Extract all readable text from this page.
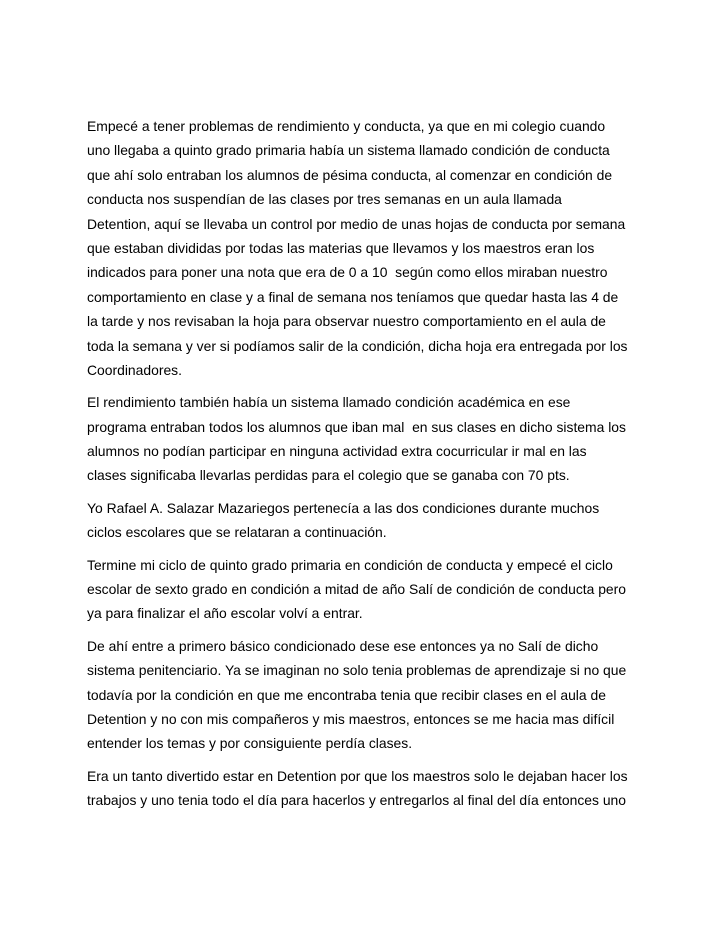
Empecé a tener problemas de rendimiento y conducta, ya que en mi colegio cuando
uno llegaba a quinto grado primaria había un sistema llamado condición de conducta
que ahí solo entraban los alumnos de pésima conducta, al comenzar en condición de
conducta nos suspendían de las clases por tres semanas en un aula llamada
Detention, aquí se llevaba un control por medio de unas hojas de conducta por semana
que estaban divididas por todas las materias que llevamos y los maestros eran los
indicados para poner una nota que era de 0 a 10  según como ellos miraban nuestro
comportamiento en clase y a final de semana nos teníamos que quedar hasta las 4 de
la tarde y nos revisaban la hoja para observar nuestro comportamiento en el aula de
toda la semana y ver si podíamos salir de la condición, dicha hoja era entregada por los
Coordinadores.

El rendimiento también había un sistema llamado condición académica en ese
programa entraban todos los alumnos que iban mal  en sus clases en dicho sistema los
alumnos no podían participar en ninguna actividad extra cocurricular ir mal en las
clases significaba llevarlas perdidas para el colegio que se ganaba con 70 pts.

Yo Rafael A. Salazar Mazariegos pertenecía a las dos condiciones durante muchos
ciclos escolares que se relataran a continuación.

Termine mi ciclo de quinto grado primaria en condición de conducta y empecé el ciclo
escolar de sexto grado en condición a mitad de año Salí de condición de conducta pero
ya para finalizar el año escolar volví a entrar.

De ahí entre a primero básico condicionado dese ese entonces ya no Salí de dicho
sistema penitenciario. Ya se imaginan no solo tenia problemas de aprendizaje si no que
todavía por la condición en que me encontraba tenia que recibir clases en el aula de
Detention y no con mis compañeros y mis maestros, entonces se me hacia mas difícil
entender los temas y por consiguiente perdía clases.

Era un tanto divertido estar en Detention por que los maestros solo le dejaban hacer los
trabajos y uno tenia todo el día para hacerlos y entregarlos al final del día entonces uno
